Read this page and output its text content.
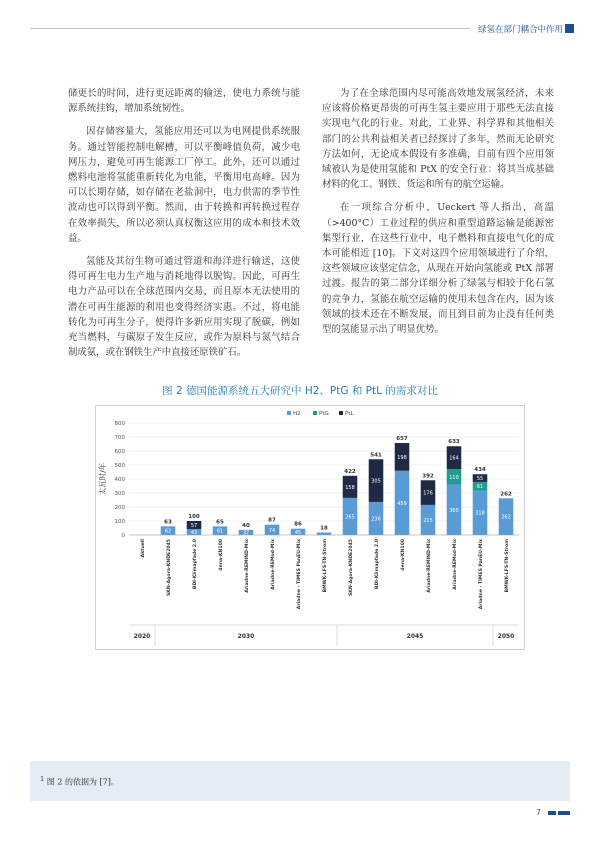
绿氢在部门耦合中作用

储更长的时间，进行更远距离的输送，使电力系统与能源系统挂钩，增加系统韧性。

因存储容量大，氢能应用还可以为电网提供系统服务。通过智能控制电解槽，可以平衡峰值负荷，减少电网压力，避免可再生能源工厂停工。此外，还可以通过燃料电池将氢能重新转化为电能，平衡用电高峰。因为可以长期存储，如存储在老盐洞中，电力供需的季节性波动也可以得到平衡。然而，由于转换和再转换过程存在效率损失，所以必须认真权衡这应用的成本和技术效益。

氢能及其衍生物可通过管道和海洋进行输送，这使得可再生电力生产地与消耗地得以脱钩。因此，可再生电力产品可以在全球范围内交易，而且原本无法使用的潜在可再生能源的利用也变得经济实惠。不过，将电能转化为可再生分子，使得许多新应用实现了脱碳，例如充当燃料，与碳原子发生反应，或作为原料与氮气结合制成氨，或在钢铁生产中直接还原铁矿石。

为了在全球范围内尽可能高效地发展氢经济，未来应该将价格更昂贵的可再生氢主要应用于那些无法直接实现电气化的行业。对此，工业界、科学界和其他相关部门的公共利益相关者已经探讨了多年，然而无论研究方法如何，无论成本假设有多准确，目前有四个应用领域被认为是使用氢能和 PtX 的安全行业：将其当成基础材料的化工、钢铁、货运和所有的航空运输。

在一项综合分析中，Ueckert 等人指出，高温（>400°C）工业过程的供应和重型道路运输是能源密集型行业，在这些行业中，电子燃料和直接电气化的成本可能相近 [10]。下文对这四个应用领域进行了介绍，这些领域应该坚定信念，从现在开始向氢能或 PtX 部署过渡。报告的第二部分详细分析了绿氢与相较于化石氢的竞争力，氢能在航空运输的使用未包含在内，因为该领域的技术还在不断发展，而且到目前为止没有任何类型的氢能显示出了明显优势。

图 2 德国能源系统五大研究中 H2、PtG 和 PtL 的需求对比
0
100
200
300
400
500
600
700
800
太瓦时/年
H2	PtG	PtL
Aktuell
62
63
SKN-Agora-KNDE2045
43
57
100
BDI-Klimapfade 2.0
61
65
dena-KN100
37
40
Ariadne-REMIND-Mix
74
87
Ariadne-REMod-Mix
45
86
Ariadne - TIMES PanEU-Mix
18
BMWK-LFS-TN-Strom
265
158
422
SKN-Agora-KNDE2045
236
305
541
BDI-Klimapfade 2.0
459
198
657
dena-KN100
215
176
392
Ariadne-REMIND-Mix
360
110
164
633
Ariadne-REMod-Mix
318
61
55
434
Ariadne - TIMES PanEU-Mix
262
262
BMWK-LFS-TN-Strom
2020	2030	2045	2050
$^1$ 图 2 的依据为 [7]。
7
